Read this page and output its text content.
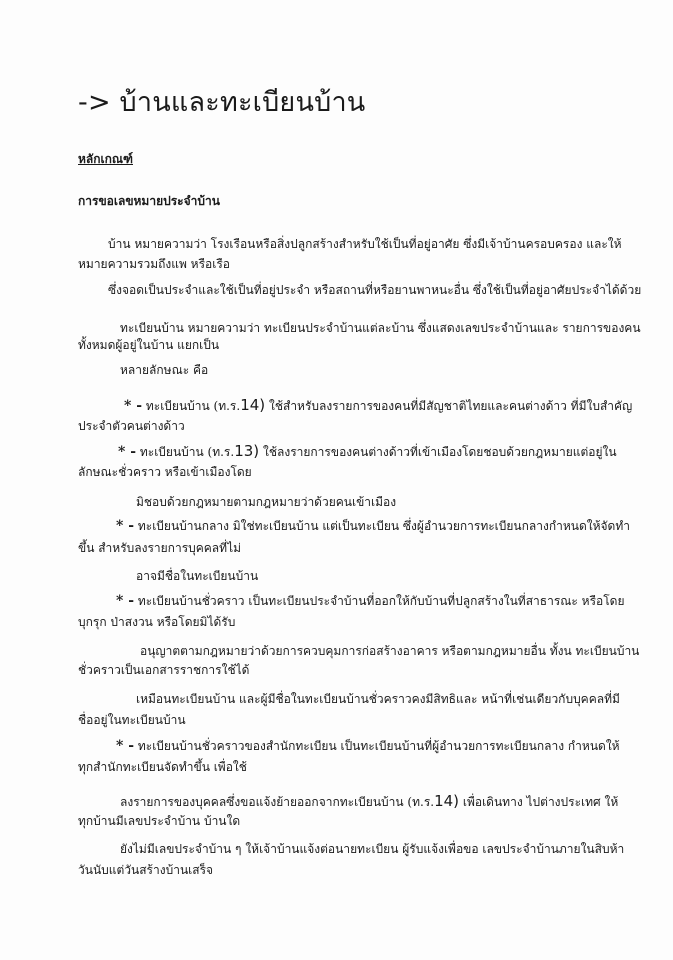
-> บ้านและทะเบียนบ้าน
หลักเกณฑ์
การขอเลขหมายประจำบ้าน
บ้าน หมายความว่า โรงเรือนหรือสิ่งปลูกสร้างสำหรับใช้เป็นที่อยู่อาศัย ซึ่งมีเจ้าบ้านครอบครอง และให้
หมายความรวมถึงแพ หรือเรือ
ซึ่งจอดเป็นประจำและใช้เป็นที่อยู่ประจำ หรือสถานที่หรือยานพาหนะอื่น ซึ่งใช้เป็นที่อยู่อาศัยประจำได้ด้วย
ทะเบียนบ้าน หมายความว่า ทะเบียนประจำบ้านแต่ละบ้าน ซึ่งแสดงเลขประจำบ้านและ รายการของคน
ทั้งหมดผู้อยู่ในบ้าน แยกเป็น
หลายลักษณะ คือ
* - ทะเบียนบ้าน (ท.ร.14) ใช้สำหรับลงรายการของคนที่มีสัญชาติไทยและคนต่างด้าว ที่มีใบสำคัญ
ประจำตัวคนต่างด้าว
* - ทะเบียนบ้าน (ท.ร.13) ใช้ลงรายการของคนต่างด้าวที่เข้าเมืองโดยชอบด้วยกฎหมายแต่อยู่ใน
ลักษณะชั่วคราว หรือเข้าเมืองโดย
มิชอบด้วยกฎหมายตามกฎหมายว่าด้วยคนเข้าเมือง
* - ทะเบียนบ้านกลาง มิใช่ทะเบียนบ้าน แต่เป็นทะเบียน ซึ่งผู้อำนวยการทะเบียนกลางกำหนดให้จัดทำ
ขึ้น สำหรับลงรายการบุคคลที่ไม่
อาจมีชื่อในทะเบียนบ้าน
* - ทะเบียนบ้านชั่วคราว เป็นทะเบียนประจำบ้านที่ออกให้กับบ้านที่ปลูกสร้างในที่สาธารณะ หรือโดย
บุกรุก ป่าสงวน หรือโดยมิได้รับ
อนุญาตตามกฎหมายว่าด้วยการควบคุมการก่อสร้างอาคาร หรือตามกฎหมายอื่น ทั้งน ทะเบียนบ้าน
ชั่วคราวเป็นเอกสารราชการใช้ได้
เหมือนทะเบียนบ้าน และผู้มีชื่อในทะเบียนบ้านชั่วคราวคงมีสิทธิและ หน้าที่เช่นเดียวกับบุคคลที่มี
ชื่ออยู่ในทะเบียนบ้าน
* - ทะเบียนบ้านชั่วคราวของสำนักทะเบียน เป็นทะเบียนบ้านที่ผู้อำนวยการทะเบียนกลาง กำหนดให้
ทุกสำนักทะเบียนจัดทำขึ้น เพื่อใช้
ลงรายการของบุคคลซึ่งขอแจ้งย้ายออกจากทะเบียนบ้าน (ท.ร.14) เพื่อเดินทาง ไปต่างประเทศ ให้
ทุกบ้านมีเลขประจำบ้าน บ้านใด
ยังไม่มีเลขประจำบ้าน ๆ ให้เจ้าบ้านแจ้งต่อนายทะเบียน ผู้รับแจ้งเพื่อขอ เลขประจำบ้านภายในสิบห้า
วันนับแต่วันสร้างบ้านเสร็จ
